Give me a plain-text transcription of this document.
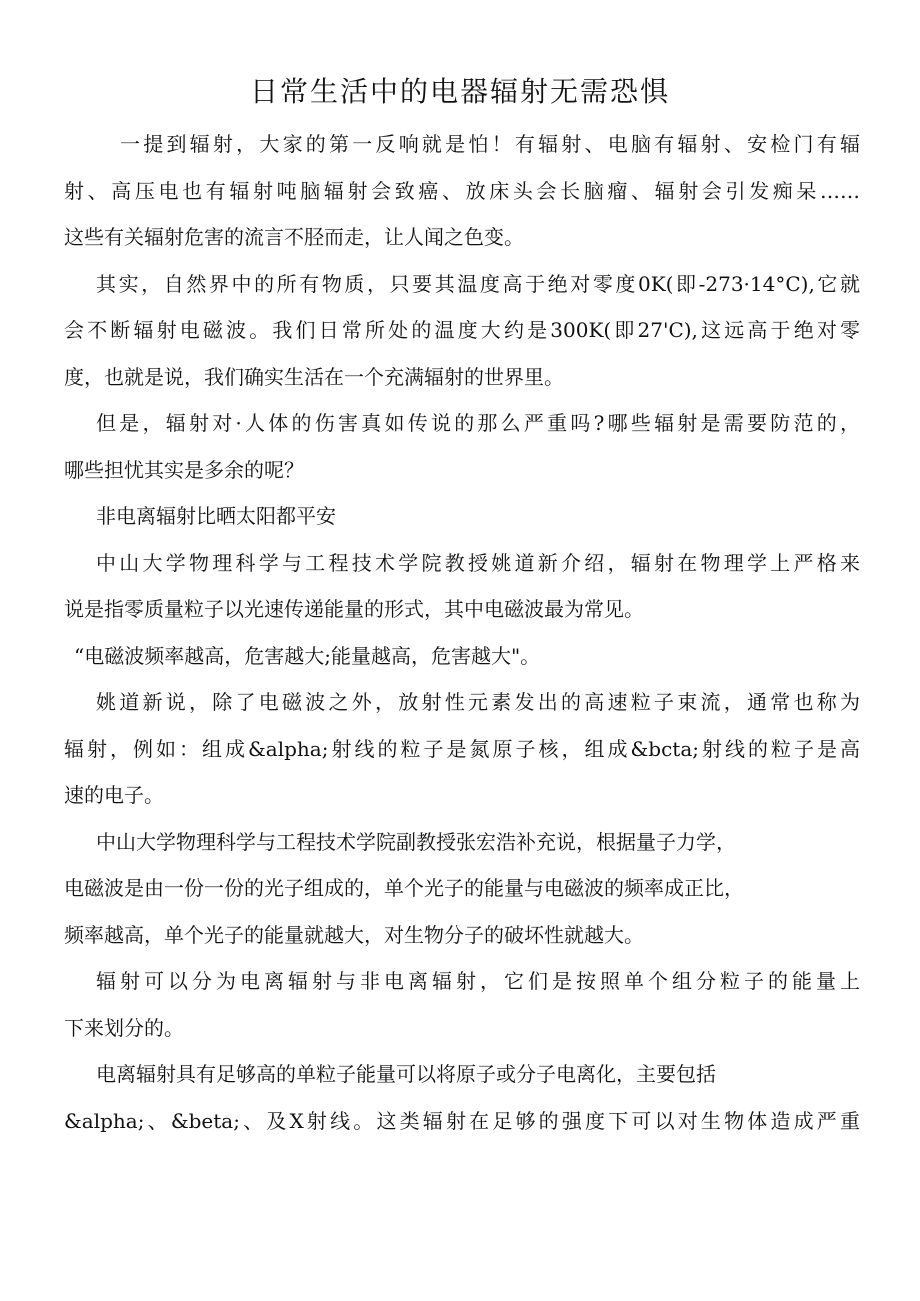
日常生活中的电器辐射无需恐惧
一提到辐射，大家的第一反响就是怕！有辐射、电脑有辐射、安检门有辐
射、高压电也有辐射吨脑辐射会致癌、放床头会长脑瘤、辐射会引发痴呆……
这些有关辐射危害的流言不胫而走，让人闻之色变。
其实，自然界中的所有物质，只要其温度高于绝对零度0K(即-273·14°C),它就
会不断辐射电磁波。我们日常所处的温度大约是300K(即27'C),这远高于绝对零
度，也就是说，我们确实生活在一个充满辐射的世界里。
但是，辐射对·人体的伤害真如传说的那么严重吗?哪些辐射是需要防范的，
哪些担忧其实是多余的呢？
非电离辐射比晒太阳都平安
中山大学物理科学与工程技术学院教授姚道新介绍，辐射在物理学上严格来
说是指零质量粒子以光速传递能量的形式，其中电磁波最为常见。
“电磁波频率越高，危害越大;能量越高，危害越大"。
姚道新说，除了电磁波之外，放射性元素发出的高速粒子束流，通常也称为
辐射，例如：组成&alpha;射线的粒子是氮原子核，组成&bcta;射线的粒子是高
速的电子。
中山大学物理科学与工程技术学院副教授张宏浩补充说，根据量子力学，
电磁波是由一份一份的光子组成的，单个光子的能量与电磁波的频率成正比，
频率越高，单个光子的能量就越大，对生物分子的破坏性就越大。
辐射可以分为电离辐射与非电离辐射，它们是按照单个组分粒子的能量上
下来划分的。
电离辐射具有足够高的单粒子能量可以将原子或分子电离化，主要包括
&alpha;、&beta;、及X射线。这类辐射在足够的强度下可以对生物体造成严重
